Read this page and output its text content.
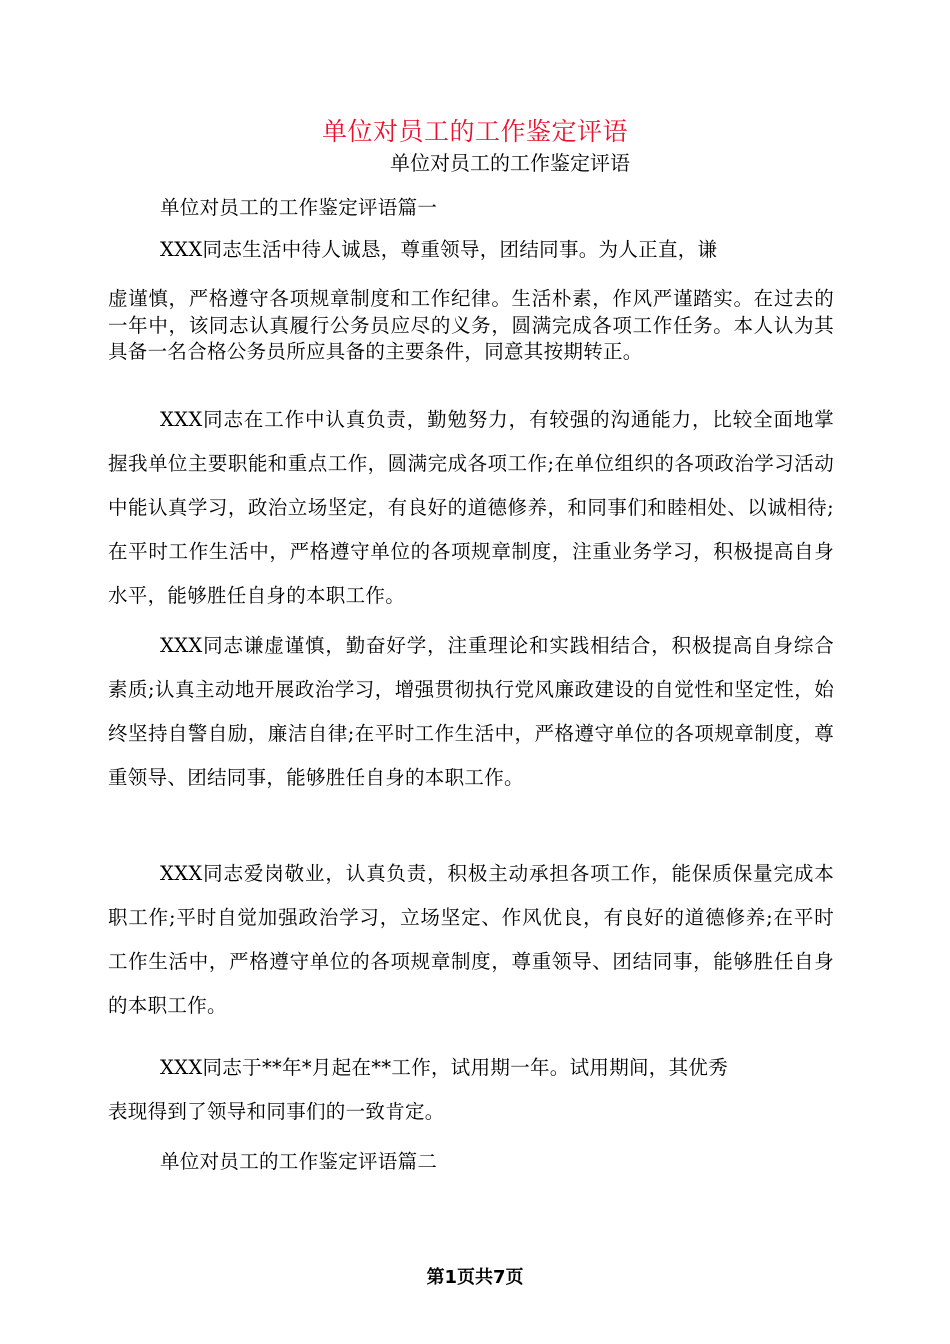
单位对员工的工作鉴定评语
单位对员工的工作鉴定评语

单位对员工的工作鉴定评语篇一

XXX同志生活中待人诚恳，尊重领导，团结同事。为人正直，谦

虚谨慎，严格遵守各项规章制度和工作纪律。生活朴素，作风严谨踏实。在过去的一年中，该同志认真履行公务员应尽的义务，圆满完成各项工作任务。本人认为其具备一名合格公务员所应具备的主要条件，同意其按期转正。

XXX同志在工作中认真负责，勤勉努力，有较强的沟通能力，比较全面地掌握我单位主要职能和重点工作，圆满完成各项工作;在单位组织的各项政治学习活动中能认真学习，政治立场坚定，有良好的道德修养，和同事们和睦相处、以诚相待;在平时工作生活中，严格遵守单位的各项规章制度，注重业务学习，积极提高自身水平，能够胜任自身的本职工作。

XXX同志谦虚谨慎，勤奋好学，注重理论和实践相结合，积极提高自身综合素质;认真主动地开展政治学习，增强贯彻执行党风廉政建设的自觉性和坚定性，始终坚持自警自励，廉洁自律;在平时工作生活中，严格遵守单位的各项规章制度，尊重领导、团结同事，能够胜任自身的本职工作。

XXX同志爱岗敬业，认真负责，积极主动承担各项工作，能保质保量完成本职工作;平时自觉加强政治学习，立场坚定、作风优良，有良好的道德修养;在平时工作生活中，严格遵守单位的各项规章制度，尊重领导、团结同事，能够胜任自身的本职工作。

XXX同志于**年*月起在**工作，试用期一年。试用期间，其优秀

表现得到了领导和同事们的一致肯定。

单位对员工的工作鉴定评语篇二

第1页共7页
